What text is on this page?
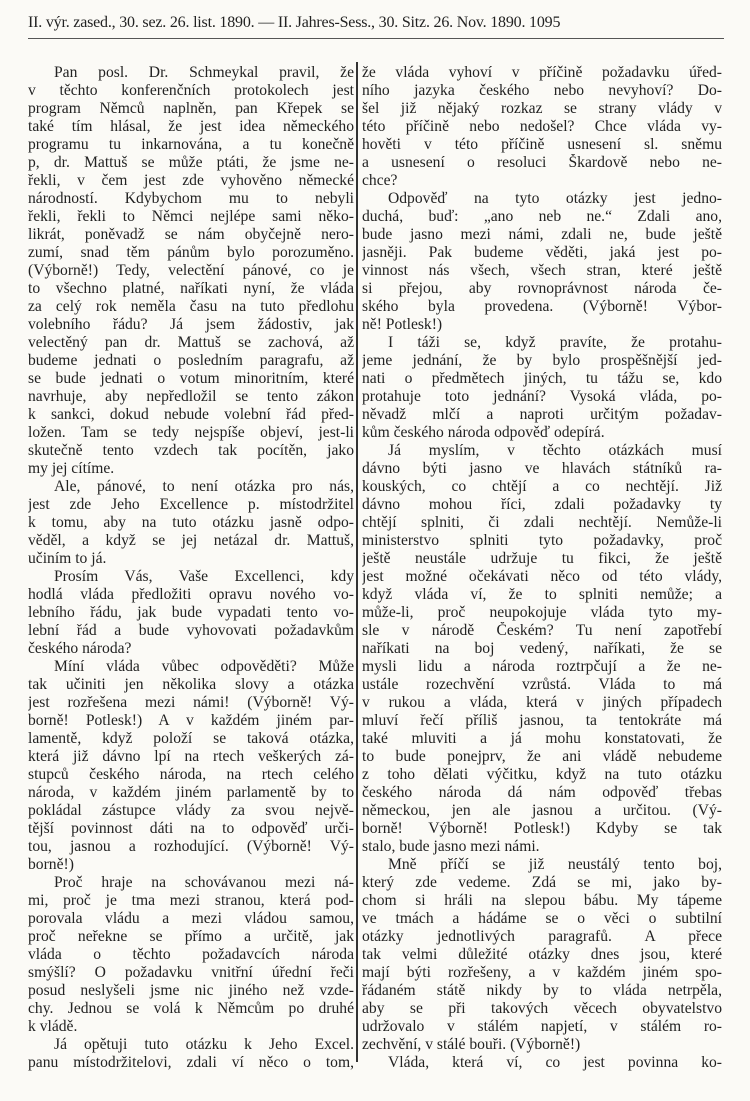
II. výr. zased., 30. sez. 26. list. 1890. — II. Jahres-Sess., 30. Sitz. 26. Nov. 1890. 1095
Pan posl. Dr. Schmeykal pravil, že
v těchto konferenčních protokolech jest
program Němců naplněn, pan Křepek se
také tím hlásal, že jest idea německého
programu tu inkarnována, a tu konečně
p, dr. Mattuš se může ptáti, že jsme ne-
řekli, v čem jest zde vyhověno německé
národností. Kdybychom mu to nebyli
řekli, řekli to Němci nejlépe sami něko-
likrát, poněvadž se nám obyčejně nero-
zumí, snad těm pánům bylo porozuměno.
(Výborně!) Tedy, velectění pánové, co je
to všechno platné, naříkati nyní, že vláda
za celý rok neměla času na tuto předlohu
volebního řádu? Já jsem žádostiv, jak
velectěný pan dr. Mattuš se zachová, až
budeme jednati o posledním paragrafu, až
se bude jednati o votum minoritním, které
navrhuje, aby nepředložil se tento zákon
k sankci, dokud nebude volební řád před-
ložen. Tam se tedy nejspíše objeví, jest-li
skutečně tento vzdech tak pocítěn, jako
my jej cítíme.
Ale, pánové, to není otázka pro nás,
jest zde Jeho Excellence p. místodržitel
k tomu, aby na tuto otázku jasně odpo-
věděl, a když se jej netázal dr. Mattuš,
učiním to já.
Prosím Vás, Vaše Excellenci, kdy
hodlá vláda předložiti opravu nového vo-
lebního řádu, jak bude vypadati tento vo-
lební řád a bude vyhovovati požadavkům
českého národa?
Míní vláda vůbec odpověděti? Může
tak učiniti jen několika slovy a otázka
jest rozřešena mezi námi! (Výborně! Vý-
borně! Potlesk!) A v každém jiném par-
lamentě, když položí se taková otázka,
která již dávno lpí na rtech veškerých zá-
stupců českého národa, na rtech celého
národa, v každém jiném parlamentě by to
pokládal zástupce vlády za svou nejvě-
tější povinnost dáti na to odpověď urči-
tou, jasnou a rozhodující. (Výborně! Vý-
borně!)
Proč hraje na schovávanou mezi ná-
mi, proč je tma mezi stranou, která pod-
porovala vládu a mezi vládou samou,
proč neřekne se přímo a určitě, jak
vláda o těchto požadavcích národa
smýšlí? O požadavku vnitřní úřední řeči
posud neslyšeli jsme nic jiného než vzde-
chy. Jednou se volá k Němcům po druhé
k vládě.
Já opětuji tuto otázku k Jeho Excel.
panu místodržitelovi, zdali ví něco o tom,
že vláda vyhoví v příčině požadavku úřed-
ního jazyka českého nebo nevyhoví? Do-
šel již nějaký rozkaz se strany vlády v
této příčině nebo nedošel? Chce vláda vy-
hověti v této příčině usnesení sl. sněmu
a usnesení o resoluci Škardově nebo ne-
chce?
Odpověď na tyto otázky jest jedno-
duchá, buď: „ano neb ne.“ Zdali ano,
bude jasno mezi námi, zdali ne, bude ještě
jasněji. Pak budeme věděti, jaká jest po-
vinnost nás všech, všech stran, které ještě
si přejou, aby rovnoprávnost národa če-
ského byla provedena. (Výborně! Výbor-
ně! Potlesk!)
I táži se, když pravíte, že protahu-
jeme jednání, že by bylo prospěšnější jed-
nati o předmětech jiných, tu tážu se, kdo
protahuje toto jednání? Vysoká vláda, po-
něvadž mlčí a naproti určitým požadav-
kům českého národa odpověď odepírá.
Já myslím, v těchto otázkách musí
dávno býti jasno ve hlavách státníků ra-
kouských, co chtějí a co nechtějí. Již
dávno mohou říci, zdali požadavky ty
chtějí splniti, či zdali nechtějí. Nemůže-li
ministerstvo splniti tyto požadavky, proč
ještě neustále udržuje tu fikci, že ještě
jest možné očekávati něco od této vlády,
když vláda ví, že to splniti nemůže; a
může-li, proč neupokojuje vláda tyto my-
sle v národě Českém? Tu není zapotřebí
naříkati na boj vedený, naříkati, že se
mysli lidu a národa roztrpčují a že ne-
ustále rozechvění vzrůstá. Vláda to má
v rukou a vláda, která v jiných případech
mluví řečí příliš jasnou, ta tentokráte má
také mluviti a já mohu konstatovati, že
to bude ponejprv, že ani vládě nebudeme
z toho dělati výčitku, když na tuto otázku
českého národa dá nám odpověď třebas
německou, jen ale jasnou a určitou. (Vý-
borně! Výborně! Potlesk!) Kdyby se tak
stalo, bude jasno mezi námi.
Mně příčí se již neustálý tento boj,
který zde vedeme. Zdá se mi, jako by-
chom si hráli na slepou bábu. My tápeme
ve tmách a hádáme se o věci o subtilní
otázky jednotlivých paragrafů. A přece
tak velmi důležité otázky dnes jsou, které
mají býti rozřešeny, a v každém jiném spo-
řádaném státě nikdy by to vláda netrpěla,
aby se při takových věcech obyvatelstvo
udržovalo v stálém napjetí, v stálém ro-
zechvění, v stálé bouři. (Výborně!)
Vláda, která ví, co jest povinna ko-
